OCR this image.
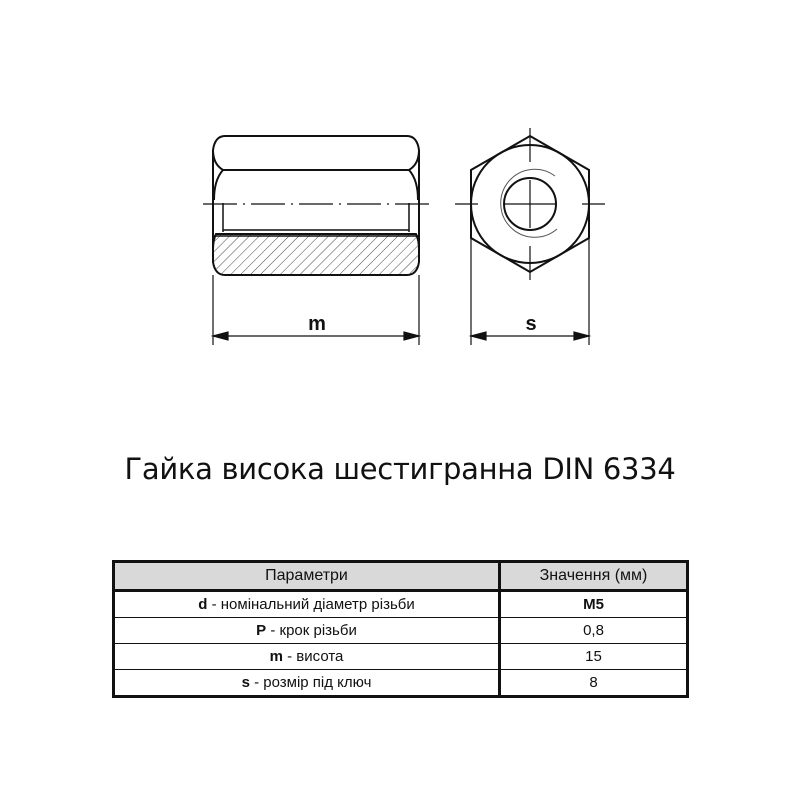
m	s
Гайка висока шестигранна DIN 6334
Параметри	Значення (мм)
d - номінальний діаметр різьби	M5
P - крок різьби	0,8
m - висота	15
s - розмір під ключ	8
